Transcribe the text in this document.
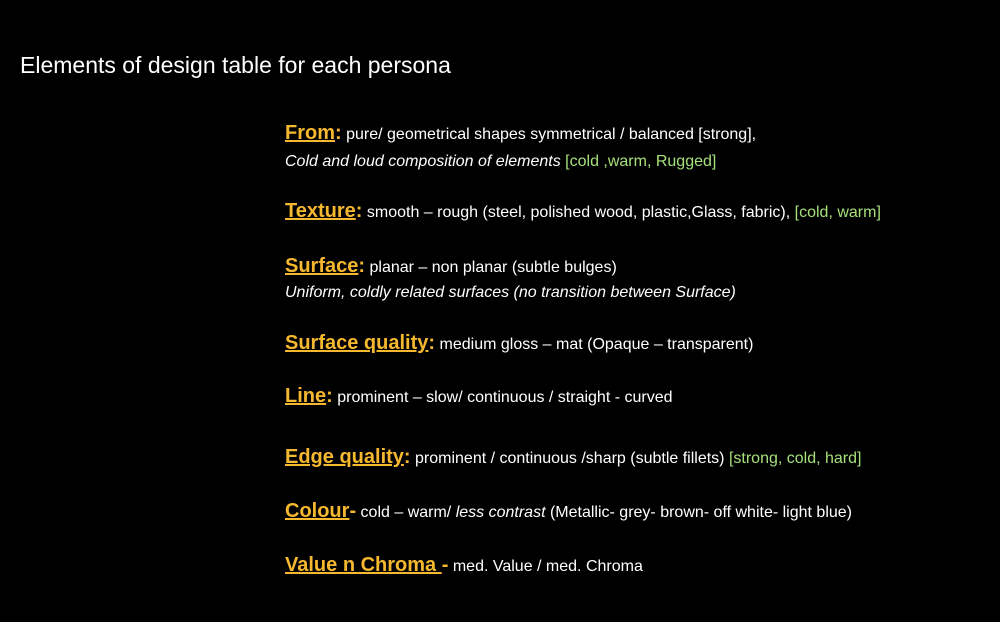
Elements of design table for each persona
From: pure/ geometrical shapes symmetrical / balanced [strong],
Cold and loud composition of elements [cold ,warm, Rugged]
Texture: smooth – rough (steel, polished wood, plastic,Glass, fabric), [cold, warm]
Surface: planar – non planar (subtle bulges)
Uniform, coldly related surfaces (no transition between Surface)
Surface quality: medium gloss – mat (Opaque – transparent)
Line: prominent – slow/ continuous / straight - curved
Edge quality: prominent / continuous /sharp (subtle fillets) [strong, cold, hard]
Colour- cold – warm/ less contrast (Metallic- grey- brown- off white- light blue)
Value n Chroma - med. Value / med. Chroma
